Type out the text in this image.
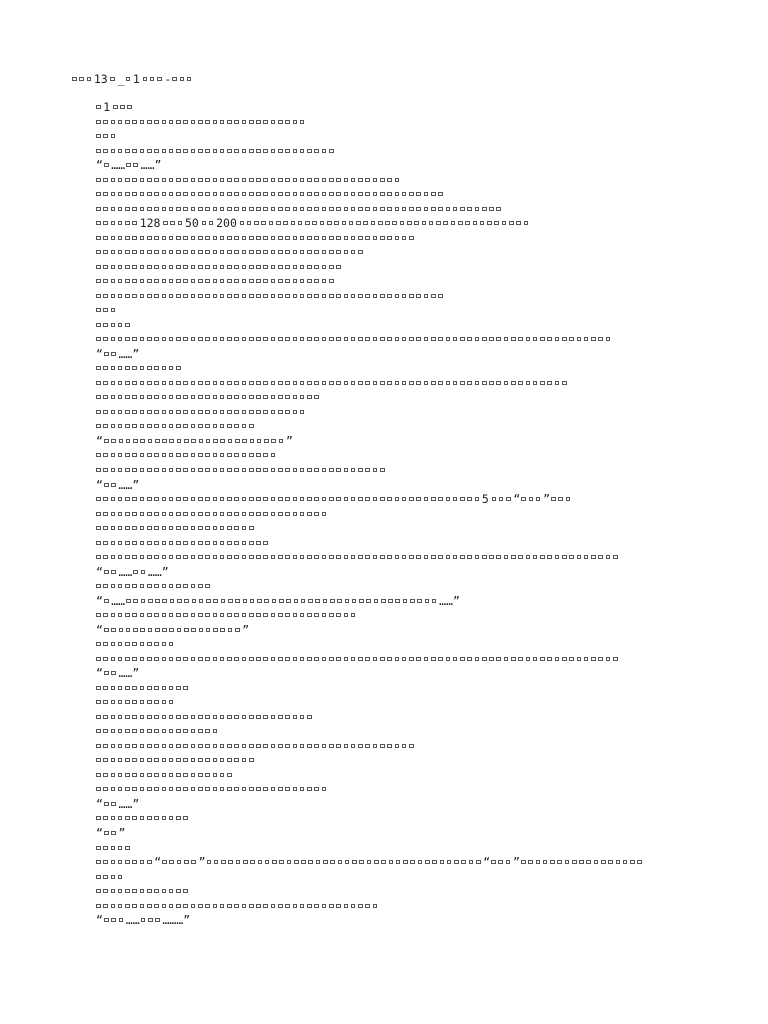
13 _ 1 -
1
“ …… ……”
128 50 200
“ ……”
“	”
“ ……”
5 “ ”
“ …… ……”
“ ……	……”
“	”
“ ……”
“ ……”
“ ”
“	”	“ ”
“ …… ………”
